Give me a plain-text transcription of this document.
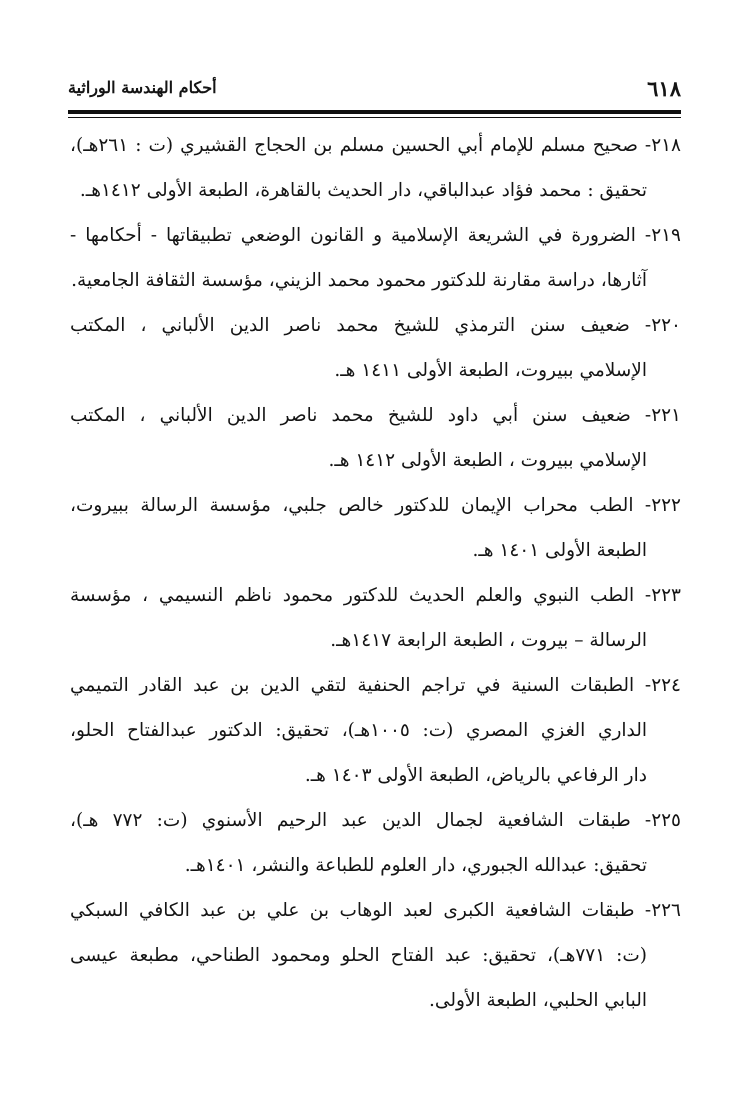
٦١٨
أحكام الهندسة الوراثية
٢١٨- صحيح مسلم للإمام أبي الحسين مسلم بن الحجاج القشيري (ت : ٢٦١هـ)،
تحقيق : محمد فؤاد عبدالباقي، دار الحديث بالقاهرة، الطبعة الأولى ١٤١٢هـ.
٢١٩- الضرورة في الشريعة الإسلامية و القانون الوضعي تطبيقاتها - أحكامها -
آثارها، دراسة مقارنة للدكتور محمود محمد الزيني، مؤسسة الثقافة الجامعية.
٢٢٠- ضعيف سنن الترمذي للشيخ محمد ناصر الدين الألباني ، المكتب
الإسلامي ببيروت، الطبعة الأولى ١٤١١ هـ.
٢٢١- ضعيف سنن أبي داود للشيخ محمد ناصر الدين الألباني ، المكتب
الإسلامي ببيروت ، الطبعة الأولى ١٤١٢ هـ.
٢٢٢- الطب محراب الإيمان للدكتور خالص جلبي، مؤسسة الرسالة ببيروت،
الطبعة الأولى ١٤٠١ هـ.
٢٢٣- الطب النبوي والعلم الحديث للدكتور محمود ناظم النسيمي ، مؤسسة
الرسالة – بيروت ، الطبعة الرابعة ١٤١٧هـ.
٢٢٤- الطبقات السنية في تراجم الحنفية لتقي الدين بن عبد القادر التميمي
الداري الغزي المصري (ت: ١٠٠٥هـ)، تحقيق: الدكتور عبدالفتاح الحلو،
دار الرفاعي بالرياض، الطبعة الأولى ١٤٠٣ هـ.
٢٢٥- طبقات الشافعية لجمال الدين عبد الرحيم الأسنوي (ت: ٧٧٢ هـ)،
تحقيق: عبدالله الجبوري، دار العلوم للطباعة والنشر، ١٤٠١هـ.
٢٢٦- طبقات الشافعية الكبرى لعبد الوهاب بن علي بن عبد الكافي السبكي
(ت: ٧٧١هـ)، تحقيق: عبد الفتاح الحلو ومحمود الطناحي، مطبعة عيسى
البابي الحلبي، الطبعة الأولى.
